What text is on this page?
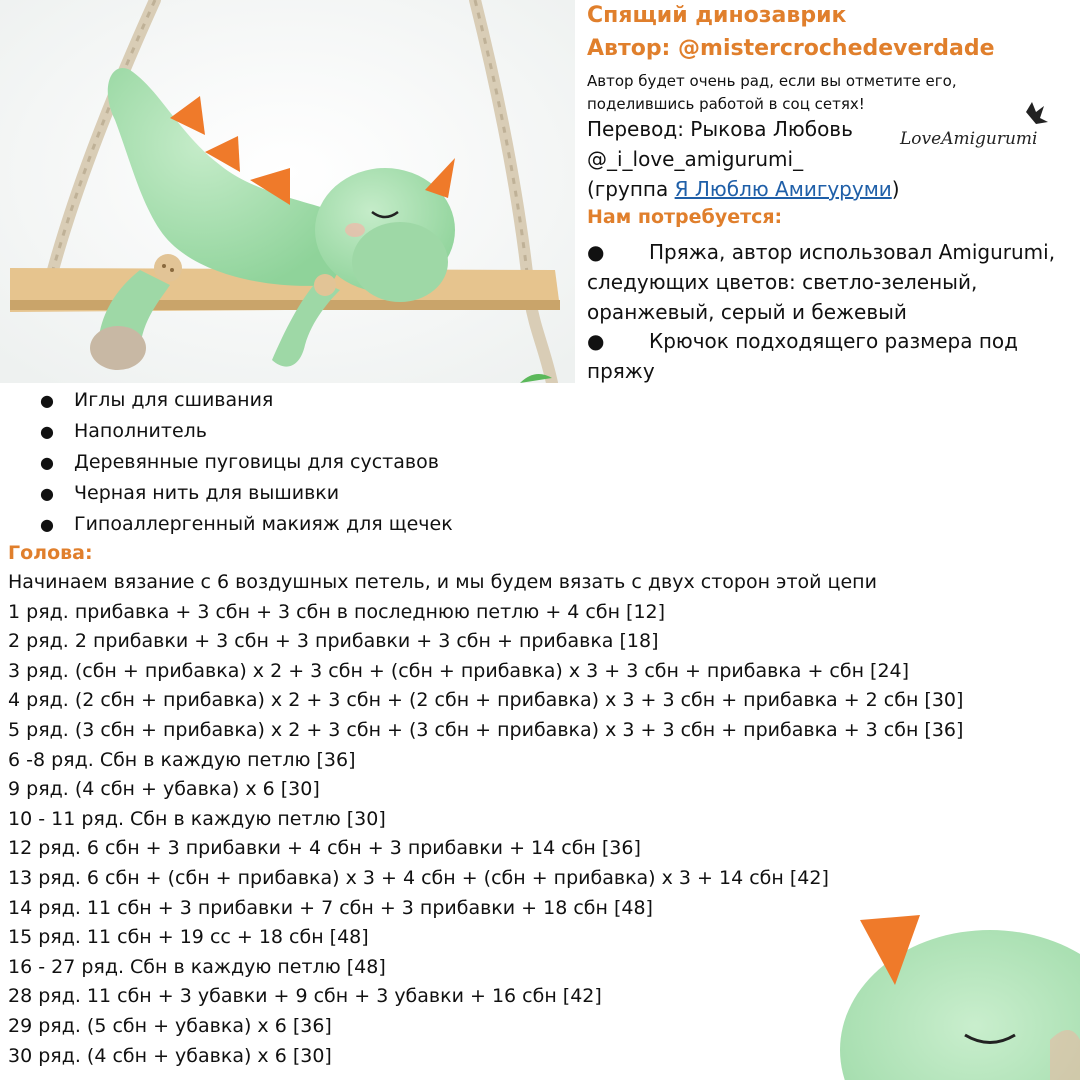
Спящий динозаврик
Автор: @mistercrochedeverdade
Автор будет очень рад, если вы отметите его, поделившись работой в соц сетях!
Перевод: Рыкова Любовь
@_i_love_amigurumi_
(группа Я Люблю Амигуруми)
LoveAmigurumi
Нам потребуется:
● Пряжа, автор использовал Amigurumi, следующих цветов: светло-зеленый, оранжевый, серый и бежевый
● Крючок подходящего размера под пряжу
● Иглы для сшивания
● Наполнитель
● Деревянные пуговицы для суставов
● Черная нить для вышивки
● Гипоаллергенный макияж для щечек
Голова:
Начинаем вязание с 6 воздушных петель, и мы будем вязать с двух сторон этой цепи
1 ряд. прибавка + 3 сбн + 3 сбн в последнюю петлю + 4 сбн [12]
2 ряд. 2 прибавки + 3 сбн + 3 прибавки + 3 сбн + прибавка [18]
3 ряд. (сбн + прибавка) х 2 + 3 сбн + (сбн + прибавка) х 3 + 3 сбн + прибавка + сбн [24]
4 ряд. (2 сбн + прибавка) х 2 + 3 сбн + (2 сбн + прибавка) х 3 + 3 сбн + прибавка + 2 сбн [30]
5 ряд. (3 сбн + прибавка) х 2 + 3 сбн + (3 сбн + прибавка) х 3 + 3 сбн + прибавка + 3 сбн [36]
6 -8 ряд. Сбн в каждую петлю [36]
9 ряд. (4 сбн + убавка) х 6 [30]
10 - 11 ряд. Сбн в каждую петлю [30]
12 ряд. 6 сбн + 3 прибавки + 4 сбн + 3 прибавки + 14 сбн [36]
13 ряд. 6 сбн + (сбн + прибавка) х 3 + 4 сбн + (сбн + прибавка) х 3 + 14 сбн [42]
14 ряд. 11 сбн + 3 прибавки + 7 сбн + 3 прибавки + 18 сбн [48]
15 ряд. 11 сбн + 19 сс + 18 сбн [48]
16 - 27 ряд. Сбн в каждую петлю [48]
28 ряд. 11 сбн + 3 убавки + 9 сбн + 3 убавки + 16 сбн [42]
29 ряд. (5 сбн + убавка) х 6 [36]
30 ряд. (4 сбн + убавка) х 6 [30]
